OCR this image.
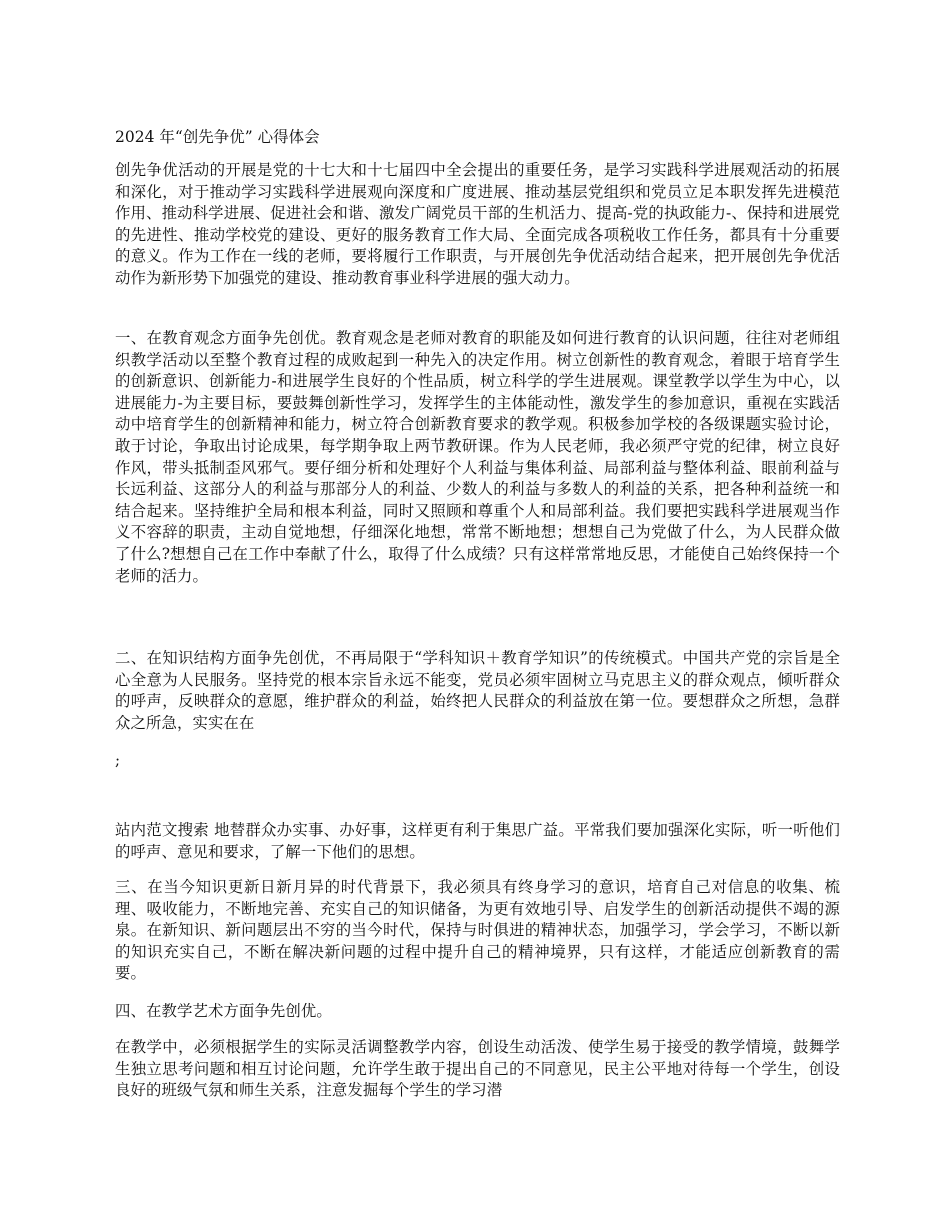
2024 年“创先争优” 心得体会

创先争优活动的开展是党的十七大和十七届四中全会提出的重要任务，是学习实践科学进展观活动的拓展和深化，对于推动学习实践科学进展观向深度和广度进展、推动基层党组织和党员立足本职发挥先进模范作用、推动科学进展、促进社会和谐、激发广阔党员干部的生机活力、提高-党的执政能力-、保持和进展党的先进性、推动学校党的建设、更好的服务教育工作大局、全面完成各项税收工作任务，都具有十分重要的意义。作为工作在一线的老师，要将履行工作职责，与开展创先争优活动结合起来，把开展创先争优活动作为新形势下加强党的建设、推动教育事业科学进展的强大动力。

一、在教育观念方面争先创优。教育观念是老师对教育的职能及如何进行教育的认识问题，往往对老师组织教学活动以至整个教育过程的成败起到一种先入的决定作用。树立创新性的教育观念，着眼于培育学生的创新意识、创新能力-和进展学生良好的个性品质，树立科学的学生进展观。课堂教学以学生为中心，以进展能力-为主要目标，要鼓舞创新性学习，发挥学生的主体能动性，激发学生的参加意识，重视在实践活动中培育学生的创新精神和能力，树立符合创新教育要求的教学观。积极参加学校的各级课题实验讨论，敢于讨论，争取出讨论成果，每学期争取上两节教研课。作为人民老师，我必须严守党的纪律，树立良好作风，带头抵制歪风邪气。要仔细分析和处理好个人利益与集体利益、局部利益与整体利益、眼前利益与长远利益、这部分人的利益与那部分人的利益、少数人的利益与多数人的利益的关系，把各种利益统一和结合起来。坚持维护全局和根本利益，同时又照顾和尊重个人和局部利益。我们要把实践科学进展观当作义不容辞的职责，主动自觉地想，仔细深化地想，常常不断地想；想想自己为党做了什么，为人民群众做了什么?想想自己在工作中奉献了什么，取得了什么成绩？只有这样常常地反思，才能使自己始终保持一个老师的活力。

二、在知识结构方面争先创优，不再局限于“学科知识＋教育学知识”的传统模式。中国共产党的宗旨是全心全意为人民服务。坚持党的根本宗旨永远不能变，党员必须牢固树立马克思主义的群众观点，倾听群众的呼声，反映群众的意愿，维护群众的利益，始终把人民群众的利益放在第一位。要想群众之所想，急群众之所急，实实在在

;

站内范文搜索 地替群众办实事、办好事，这样更有利于集思广益。平常我们要加强深化实际，听一听他们的呼声、意见和要求，了解一下他们的思想。

三、在当今知识更新日新月异的时代背景下，我必须具有终身学习的意识，培育自己对信息的收集、梳理、吸收能力，不断地完善、充实自己的知识储备，为更有效地引导、启发学生的创新活动提供不竭的源泉。在新知识、新问题层出不穷的当今时代，保持与时俱进的精神状态，加强学习，学会学习，不断以新的知识充实自己，不断在解决新问题的过程中提升自己的精神境界，只有这样，才能适应创新教育的需要。

四、在教学艺术方面争先创优。

在教学中，必须根据学生的实际灵活调整教学内容，创设生动活泼、使学生易于接受的教学情境，鼓舞学生独立思考问题和相互讨论问题，允许学生敢于提出自己的不同意见，民主公平地对待每一个学生，创设良好的班级气氛和师生关系，注意发掘每个学生的学习潜
